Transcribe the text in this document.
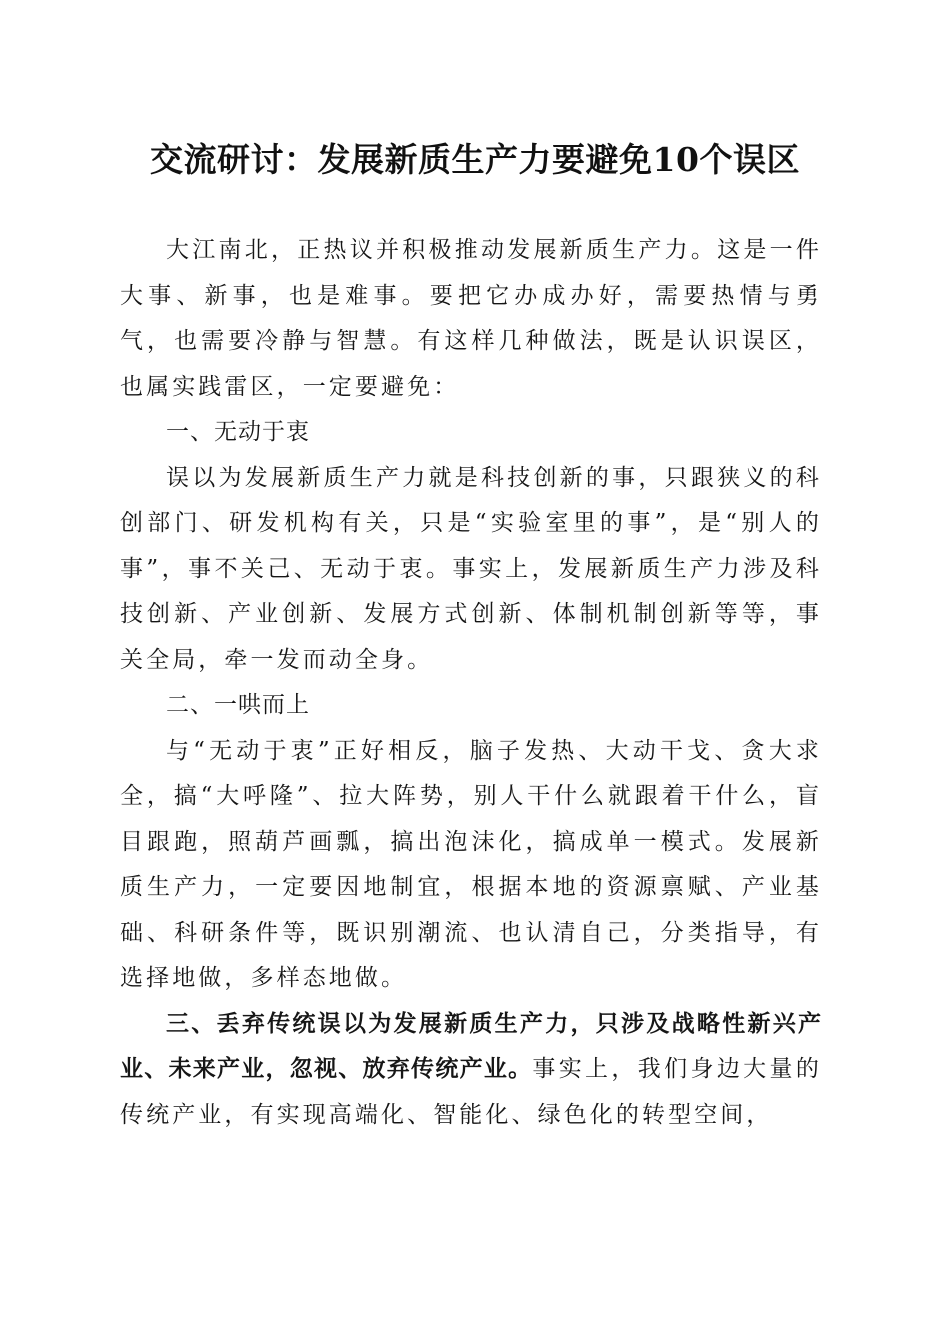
交流研讨：发展新质生产力要避免10个误区

大江南北，正热议并积极推动发展新质生产力。这是一件大事、新事，也是难事。要把它办成办好，需要热情与勇气，也需要冷静与智慧。有这样几种做法，既是认识误区，也属实践雷区，一定要避免：

一、无动于衷

误以为发展新质生产力就是科技创新的事，只跟狭义的科创部门、研发机构有关，只是“实验室里的事”，是“别人的事”，事不关己、无动于衷。事实上，发展新质生产力涉及科技创新、产业创新、发展方式创新、体制机制创新等等，事关全局，牵一发而动全身。

二、一哄而上

与“无动于衷”正好相反，脑子发热、大动干戈、贪大求全，搞“大呼隆”、拉大阵势，别人干什么就跟着干什么，盲目跟跑，照葫芦画瓢，搞出泡沫化，搞成单一模式。发展新质生产力，一定要因地制宜，根据本地的资源禀赋、产业基础、科研条件等，既识别潮流、也认清自己，分类指导，有选择地做，多样态地做。

三、丢弃传统误以为发展新质生产力，只涉及战略性新兴产业、未来产业，忽视、放弃传统产业。事实上，我们身边大量的传统产业，有实现高端化、智能化、绿色化的转型空间，
